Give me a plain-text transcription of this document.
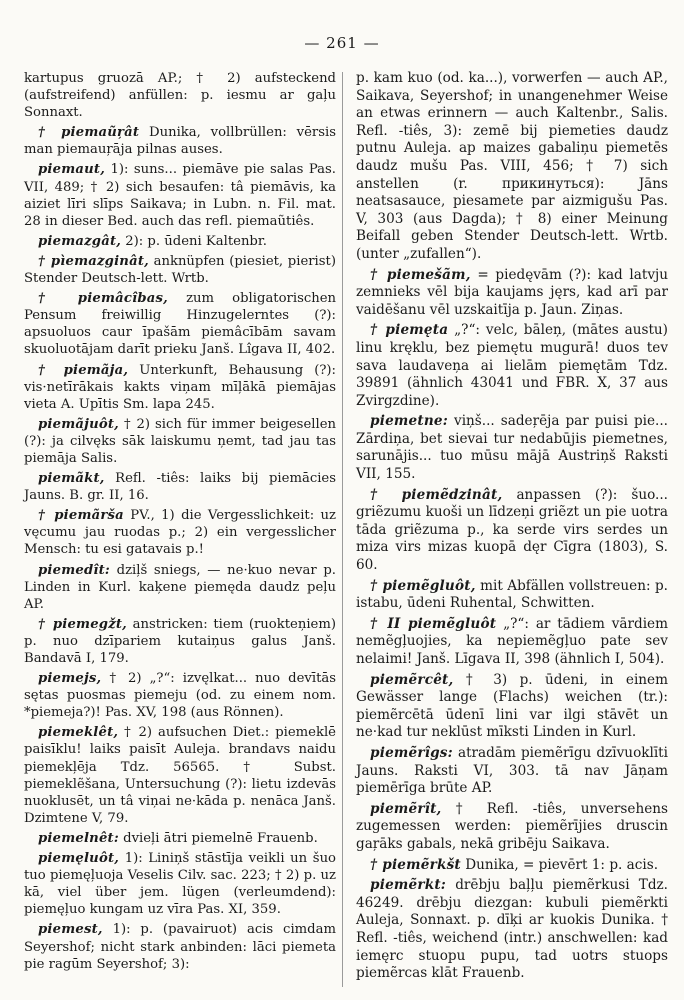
— 261 —
kartupus gruozā AP.; † 2) aufsteckend (aufstreifend) anfüllen: p. iesmu ar gaļu Sonnaxt.
† piemaũŗât Dunika, vollbrüllen: vērsis man piemauŗāja pilnas auses.
piemaut, 1): suns... piemāve pie salas Pas. VII, 489; † 2) sich besaufen: tâ piemāvis, ka aiziet līri slīps Saikava; in Lubn. n. Fil. mat. 28 in dieser Bed. auch das refl. piemaũtiês.
piemazgât, 2): p. ūdeni Kaltenbr.
† pìemazginât, anknüpfen (piesiet, pierist) Stender Deutsch-lett. Wrtb.
† piemâcîbas, zum obligatorischen Pensum freiwillig Hinzugelerntes (?): apsuoluos caur īpašām piemâcībām savam skuoluotājam darīt prieku Janš. Lîgava II, 402.
† piemãja, Unterkunft, Behausung (?): vis·netīrākais kakts viņam mīļākā piemājas vieta A. Upītis Sm. lapa 245.
piemãjuôt, † 2) sich für immer beigesellen (?): ja cilvęks sāk laiskumu ņemt, tad jau tas piemāja Salis.
piemãkt, Refl. -tiês: laiks bij piemācies Jauns. B. gr. II, 16.
† piemãrša PV., 1) die Vergesslichkeit: uz vęcumu jau ruodas p.; 2) ein vergesslicher Mensch: tu esi gatavais p.!
piemedît: dziļš sniegs, — ne·kuo nevar p. Linden in Kurl. kaķene piemęda daudz peļu AP.
† piemegžt, anstricken: tiem (ruokteņiem) p. nuo dzīpariem kutaiņus galus Janš. Bandavā I, 179.
piemejs, † 2) „?“: izvęlkat... nuo devītās sętas puosmas piemeju (od. zu einem nom. *piemeja?)! Pas. XV, 198 (aus Rönnen).
piemeklêt, † 2) aufsuchen Diet.: piemeklē paisīklu! laiks paisīt Auleja. brandavs naidu piemekļēja Tdz. 56565. † Subst. piemeklẽšana, Untersuchung (?): lietu izdevās nuoklusēt, un tâ viņai ne·kāda p. nenāca Janš. Dzimtene V, 79.
piemelnêt: dvieļi ātri piemelnē Frauenb.
piemęluôt, 1): Liniņš stāstīja veikli un šuo tuo piemęļuoja Veselis Cilv. sac. 223; † 2) p. uz kā, viel über jem. lügen (verleumdend): piemęļuo kungam uz vīra Pas. XI, 359.
piemest, 1): p. (pavairuot) acis cimdam Seyershof; nicht stark anbinden: lāci piemeta pie ragūm Seyershof; 3):
p. kam kuo (od. ka...), vorwerfen — auch AP., Saikava, Seyershof; in unangenehmer Weise an etwas erinnern — auch Kaltenbr., Salis. Refl. -tiês, 3): zemē bij piemeties daudz putnu Auleja. ap maizes gabaliņu piemetēs daudz mušu Pas. VIII, 456; † 7) sich anstellen (r. прикинуться): Jāns neatsasauce, piesamete par aizmigušu Pas. V, 303 (aus Dagda); † 8) einer Meinung Beifall geben Stender Deutsch-lett. Wrtb. (unter „zufallen“).
† piemešãm, = piedęvām (?): kad latvju zemnieks vēl bija kaujams jęrs, kad arī par vaidēšanu vēl uzskaitīja p. Jaun. Ziņas.
† piemęta „?“: velc, bāleņ, (mātes austu) linu kręklu, bez piemętu mugurā! duos tev sava laudaveņa ai lielām piemętām Tdz. 39891 (ähnlich 43041 und FBR. X, 37 aus Zvirgzdine).
piemetne: viņš... sadeŗēja par puisi pie... Zārdiņa, bet sievai tur nedabūjis piemetnes, sarunājis... tuo mūsu mājā Austriņš Raksti VII, 155.
† piemẽdzinât, anpassen (?): šuo... griẽzumu kuoši un līdzeņi griẽzt un pie uotra tāda griẽzuma p., ka serde virs serdes un miza virs mizas kuopā dęr Cīgra (1803), S. 60.
† piemẽgluôt, mit Abfällen vollstreuen: p. istabu, ūdeni Ruhental, Schwitten.
† II piemẽgluôt „?“: ar tādiem vārdiem nemẽgļuojies, ka nepiemẽgļuo pate sev nelaimi! Janš. Līgava II, 398 (ähnlich I, 504).
piemẽrcêt, † 3) p. ūdeni, in einem Gewässer lange (Flachs) weichen (tr.): piemẽrcētā ūdenī lini var ilgi stāvēt un ne·kad tur neklūst mīksti Linden in Kurl.
piemẽrîgs: atradām piemẽrīgu dzīvuoklīti Jauns. Raksti VI, 303. tā nav Jāņam piemērīga brūte AP.
piemẽrît, † Refl. -tiês, unversehens zugemessen werden: piemẽrījies druscin gaŗāks gabals, nekā gribēju Saikava.
† piemẽrkšt Dunika, = pievērt 1: p. acis.
piemẽrkt: drēbju baļļu piemẽrkusi Tdz. 46249. drēbju diezgan: kubuli piemẽrkti Auleja, Sonnaxt. p. dīķi ar kuokis Dunika. † Refl. -tiês, weichend (intr.) anschwellen: kad iemęrc stuopu pupu, tad uotrs stuops piemẽrcas klāt Frauenb.
